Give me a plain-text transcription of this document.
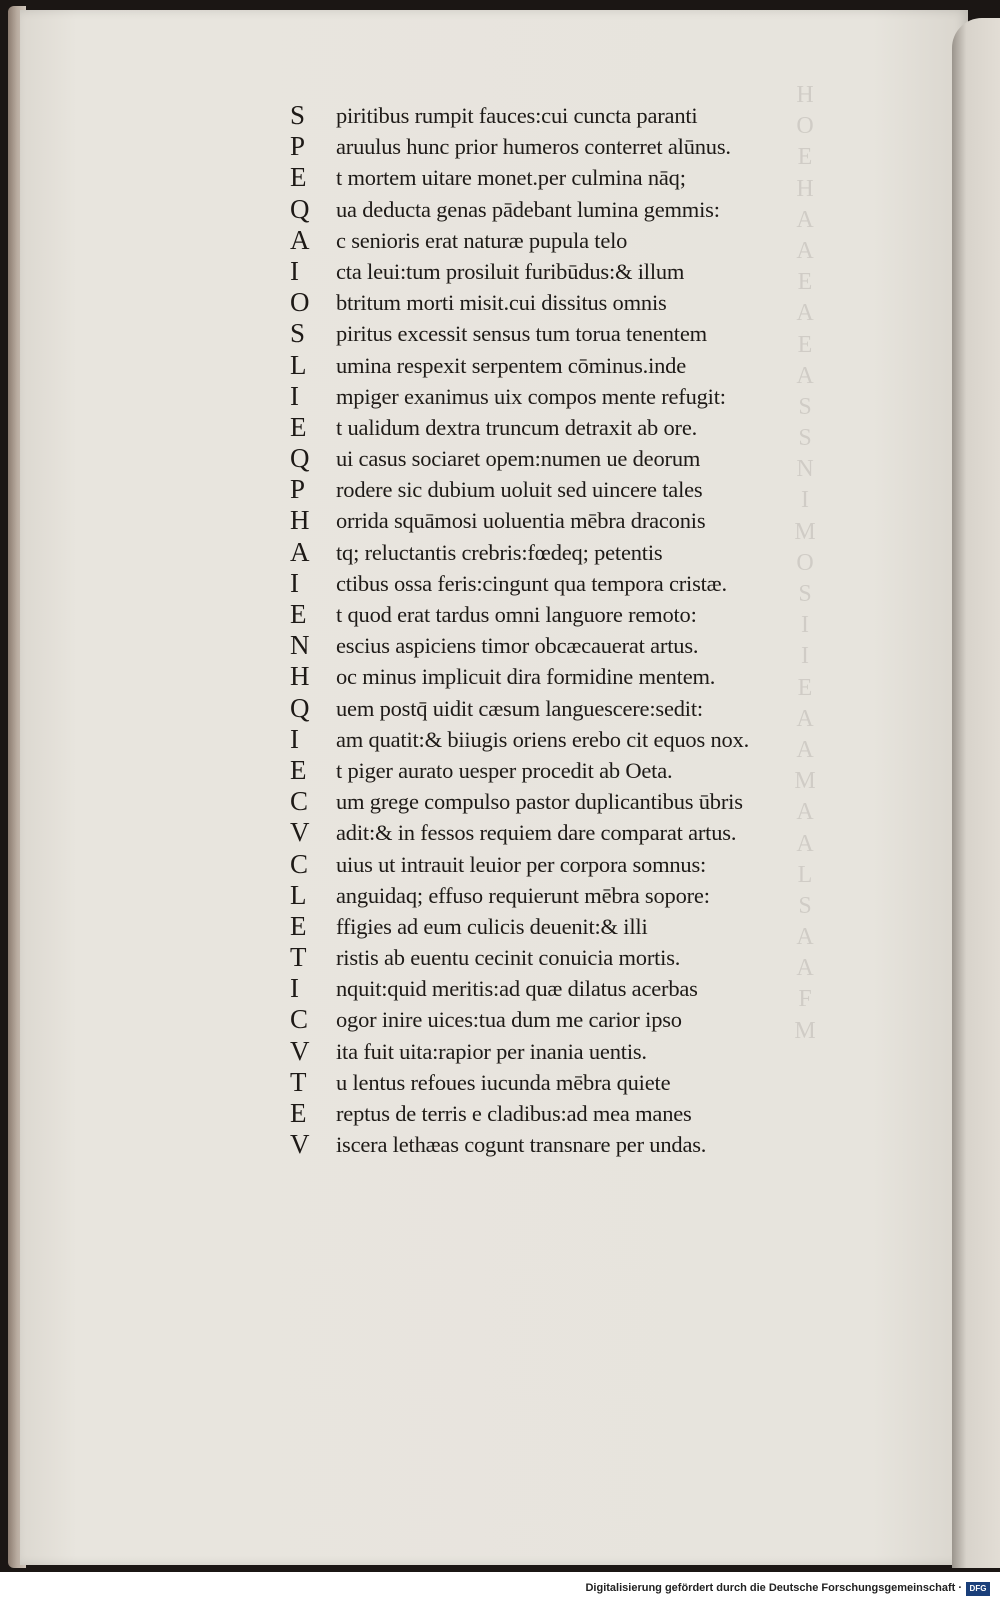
H
O
E
H
A
A
E
A
E
A
S
S
N
I
M
O
S
I
I
E
A
A
M
A
A
L
S
A
A
F
M
S	piritibus rumpit fauces:cui cuncta paranti
P	aruulus hunc prior humeros conterret alūnus.
E	t mortem uitare monet.per culmina nāq;
Q	ua deducta genas pādebant lumina gemmis:
A	c senioris erat naturæ pupula telo
I	cta leui:tum prosiluit furibūdus:& illum
O	btritum morti misit.cui dissitus omnis
S	piritus excessit sensus tum torua tenentem
L	umina respexit serpentem cōminus.inde
I	mpiger exanimus uix compos mente refugit:
E	t ualidum dextra truncum detraxit ab ore.
Q	ui casus sociaret opem:numen ue deorum
P	rodere sic dubium uoluit sed uincere tales
H	orrida squāmosi uoluentia mēbra draconis
A	tq; reluctantis crebris:fœdeq; petentis
I	ctibus ossa feris:cingunt qua tempora cristæ.
E	t quod erat tardus omni languore remoto:
N	escius aspiciens timor obcæcauerat artus.
H	oc minus implicuit dira formidine mentem.
Q	uem postq̄ uidit cæsum languescere:sedit:
I	am quatit:& biiugis oriens erebo cit equos nox.
E	t piger aurato uesper procedit ab Oeta.
C	um grege compulso pastor duplicantibus ūbris
V	adit:& in fessos requiem dare comparat artus.
C	uius ut intrauit leuior per corpora somnus:
L	anguidaq; effuso requierunt mēbra sopore:
E	ffigies ad eum culicis deuenit:& illi
T	ristis ab euentu cecinit conuicia mortis.
I	nquit:quid meritis:ad quæ dilatus acerbas
C	ogor inire uices:tua dum me carior ipso
V	ita fuit uita:rapior per inania uentis.
T	u lentus refoues iucunda mēbra quiete
E	reptus de terris e cladibus:ad mea manes
V	iscera lethæas cogunt transnare per undas.
Digitalisierung gefördert durch die Deutsche Forschungsgemeinschaft · DFG
